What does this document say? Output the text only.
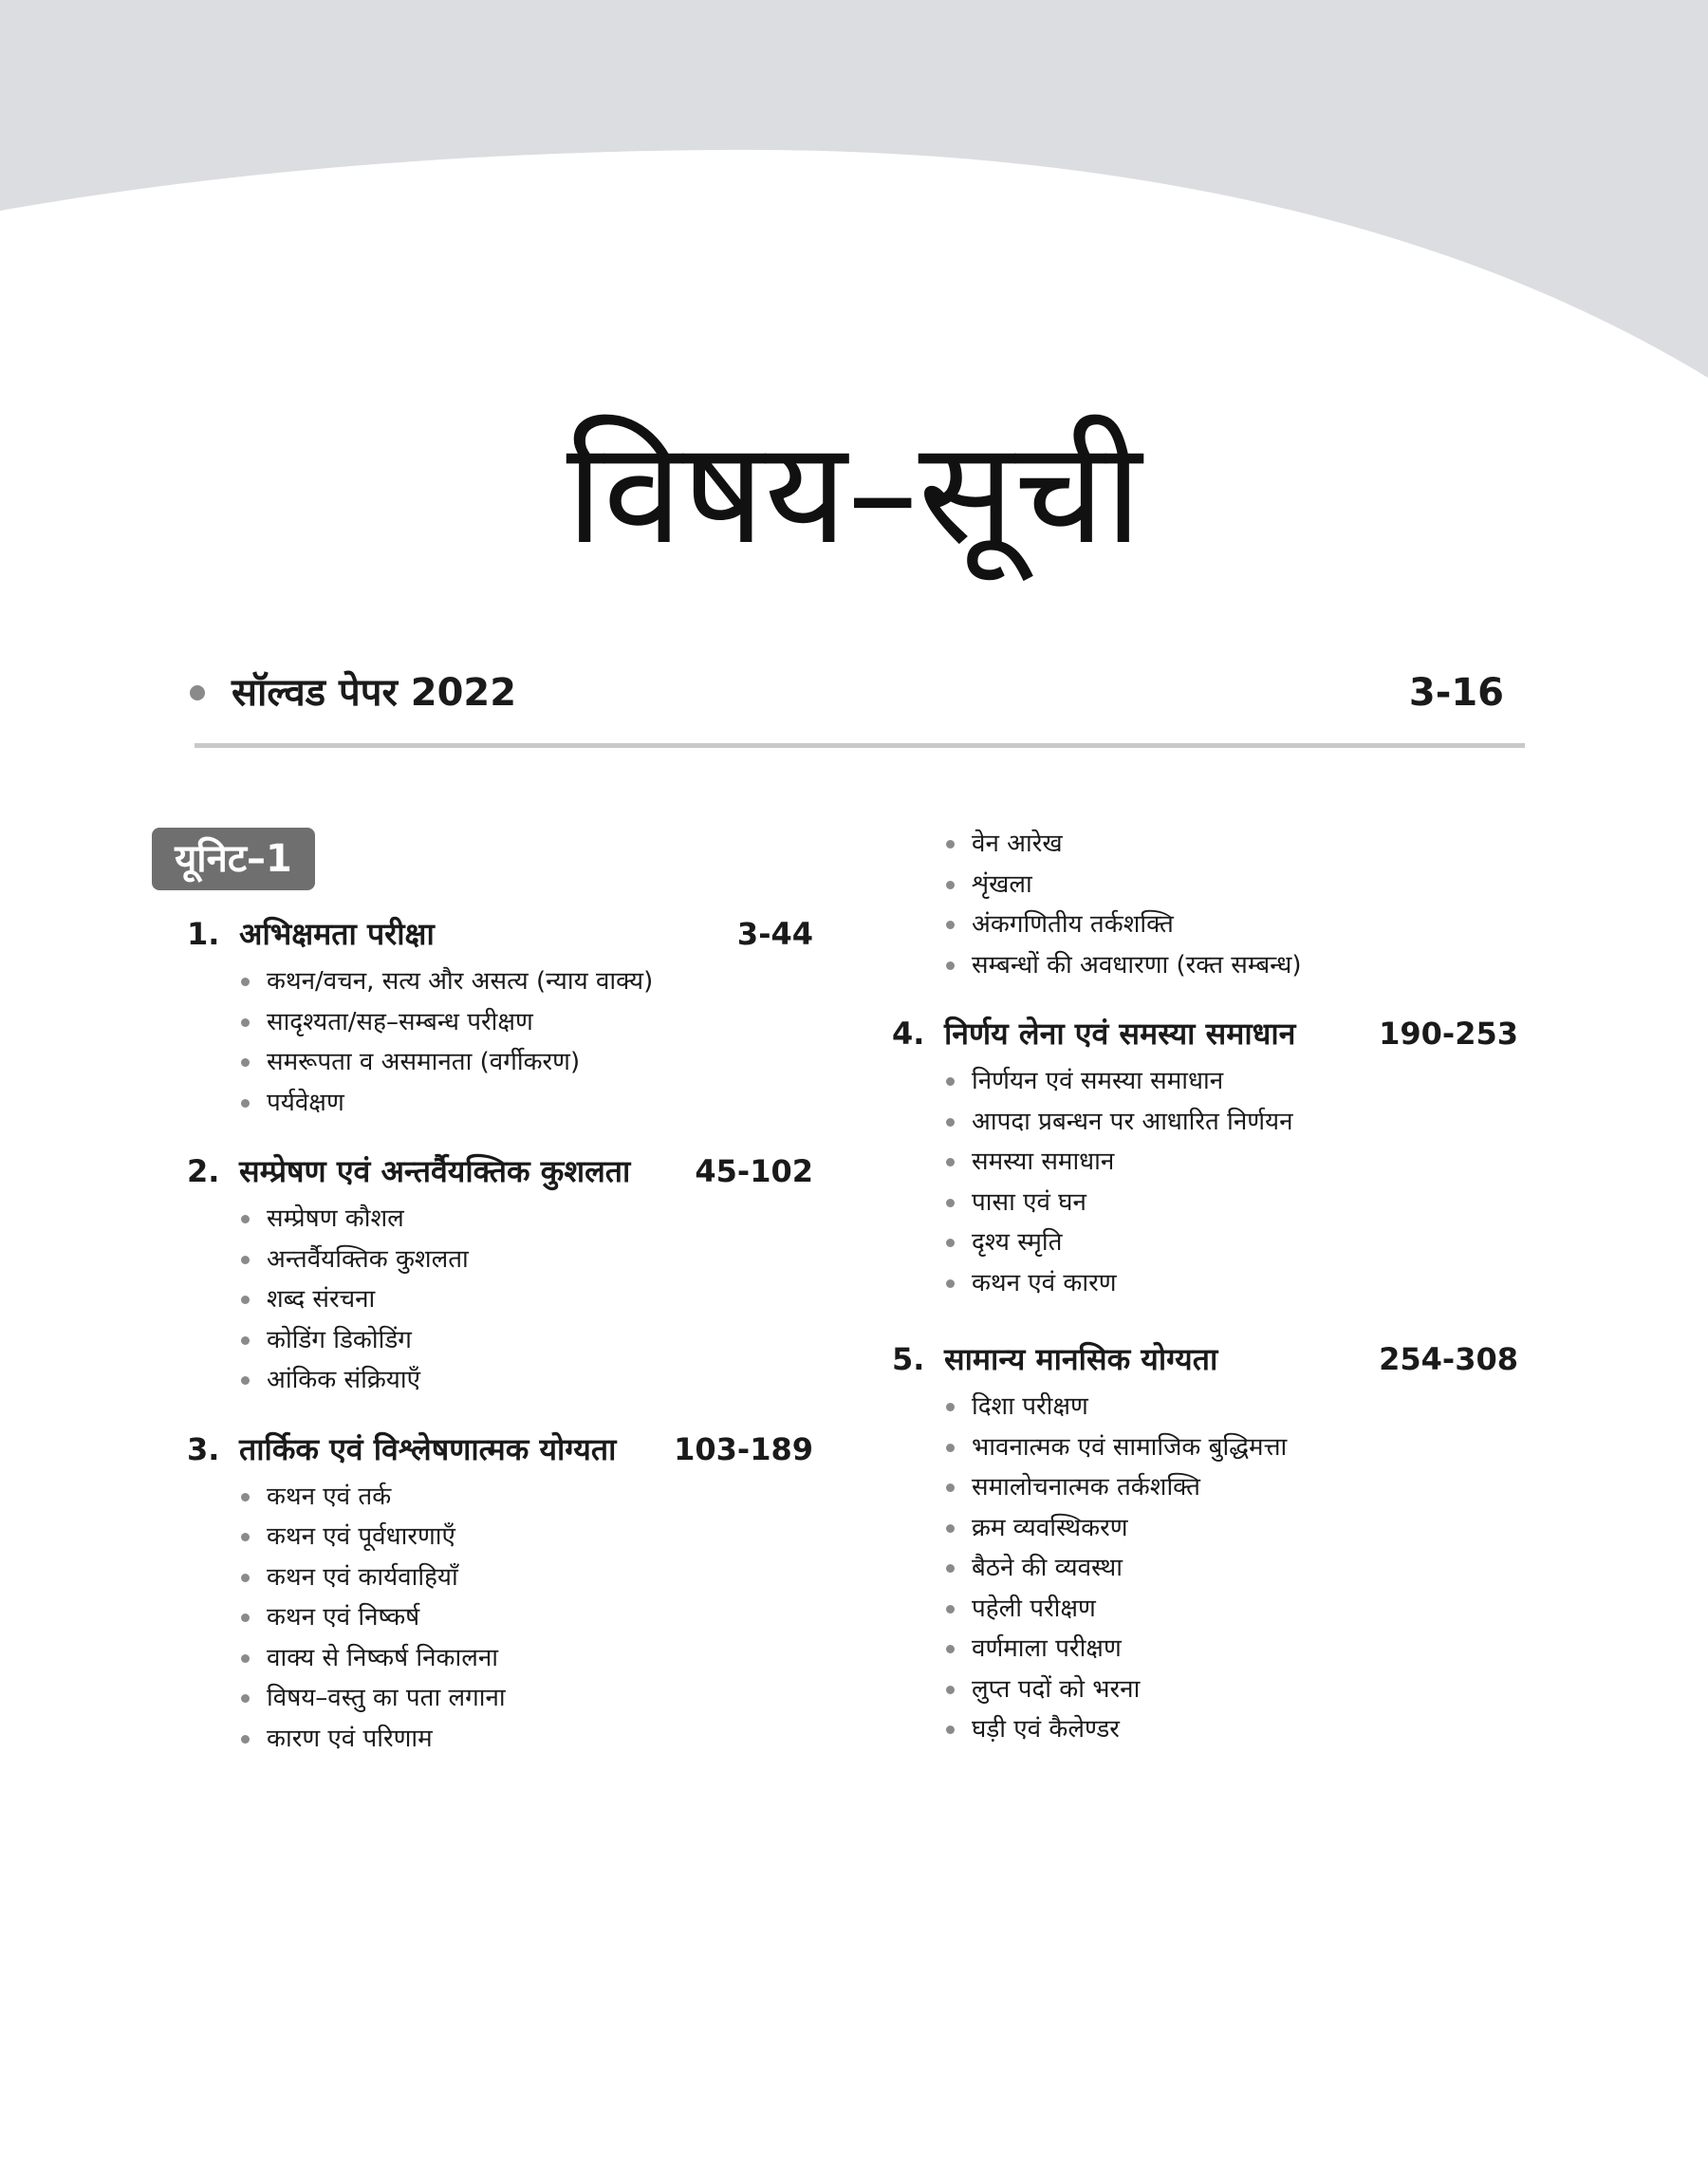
विषय–सूची
सॉल्वड पेपर 2022	3-16
यूनिट–1
1. अभिक्षमता परीक्षा	3-44
कथन/वचन, सत्य और असत्य (न्याय वाक्य)
सादृश्यता/सह–सम्बन्ध परीक्षण
समरूपता व असमानता (वर्गीकरण)
पर्यवेक्षण
2. सम्प्रेषण एवं अन्तर्वैयक्तिक कुशलता 45-102
सम्प्रेषण कौशल
अन्तर्वैयक्तिक कुशलता
शब्द संरचना
कोडिंग डिकोडिंग
आंकिक संक्रियाएँ
3. तार्किक एवं विश्लेषणात्मक योग्यता 103-189
कथन एवं तर्क
कथन एवं पूर्वधारणाएँ
कथन एवं कार्यवाहियाँ
कथन एवं निष्कर्ष
वाक्य से निष्कर्ष निकालना
विषय–वस्तु का पता लगाना
कारण एवं परिणाम
वेन आरेख
शृंखला
अंकगणितीय तर्कशक्ति
सम्बन्धों की अवधारणा (रक्त सम्बन्ध)
4. निर्णय लेना एवं समस्या समाधान	190-253
निर्णयन एवं समस्या समाधान
आपदा प्रबन्धन पर आधारित निर्णयन
समस्या समाधान
पासा एवं घन
दृश्य स्मृति
कथन एवं कारण
5. सामान्य मानसिक योग्यता	254-308
दिशा परीक्षण
भावनात्मक एवं सामाजिक बुद्धिमत्ता
समालोचनात्मक तर्कशक्ति
क्रम व्यवस्थिकरण
बैठने की व्यवस्था
पहेली परीक्षण
वर्णमाला परीक्षण
लुप्त पदों को भरना
घड़ी एवं कैलेण्डर
